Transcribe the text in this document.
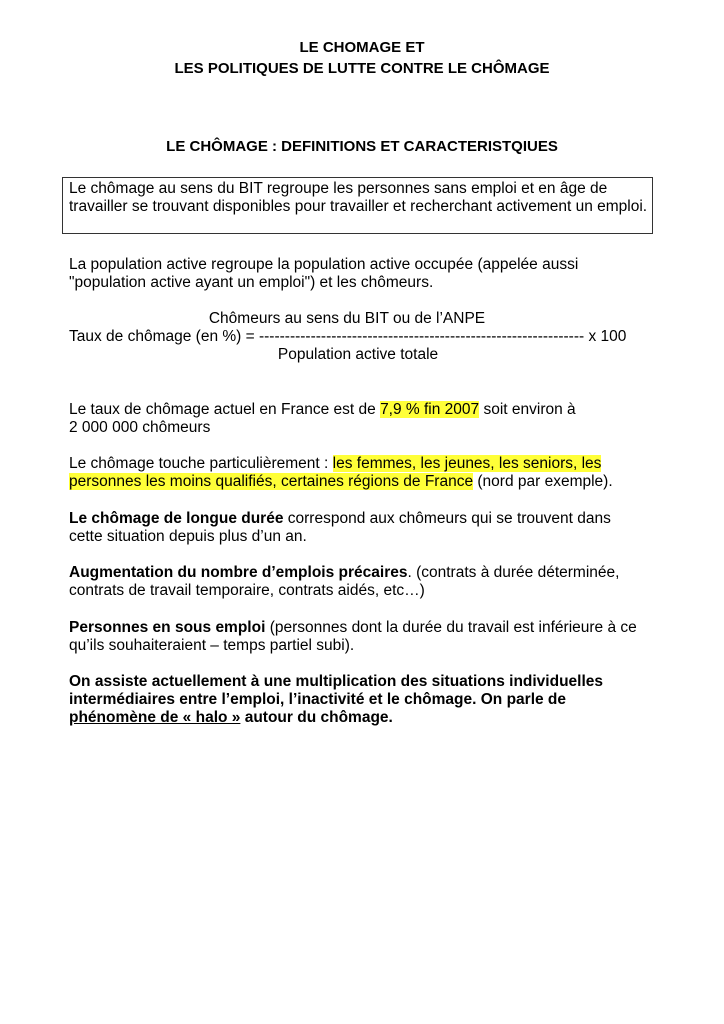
LE CHOMAGE ET
LES POLITIQUES DE LUTTE CONTRE LE CHÔMAGE
LE CHÔMAGE : DEFINITIONS ET CARACTERISTQIUES
Le chômage au sens du BIT regroupe les personnes sans emploi et en âge de travailler se trouvant disponibles pour travailler et recherchant activement un emploi.
La population active regroupe la population active occupée (appelée aussi
"population active ayant un emploi") et les chômeurs.
Chômeurs au sens du BIT ou de l’ANPE
Taux de chômage (en %) = --------------------------------------------------------------- x 100
Population active totale
Le taux de chômage actuel en France est de 7,9 % fin 2007 soit environ à
2 000 000 chômeurs
Le chômage touche particulièrement : les femmes, les jeunes, les seniors, les
personnes les moins qualifiés, certaines régions de France (nord par exemple).
Le chômage de longue durée correspond aux chômeurs qui se trouvent dans
cette situation depuis plus d’un an.
Augmentation du nombre d’emplois précaires. (contrats à durée déterminée,
contrats de travail temporaire, contrats aidés, etc…)
Personnes en sous emploi (personnes dont la durée du travail est inférieure à ce
qu’ils souhaiteraient – temps partiel subi).
On assiste actuellement à une multiplication des situations individuelles
intermédiaires entre l’emploi, l’inactivité et le chômage. On parle de
phénomène de « halo » autour du chômage.
